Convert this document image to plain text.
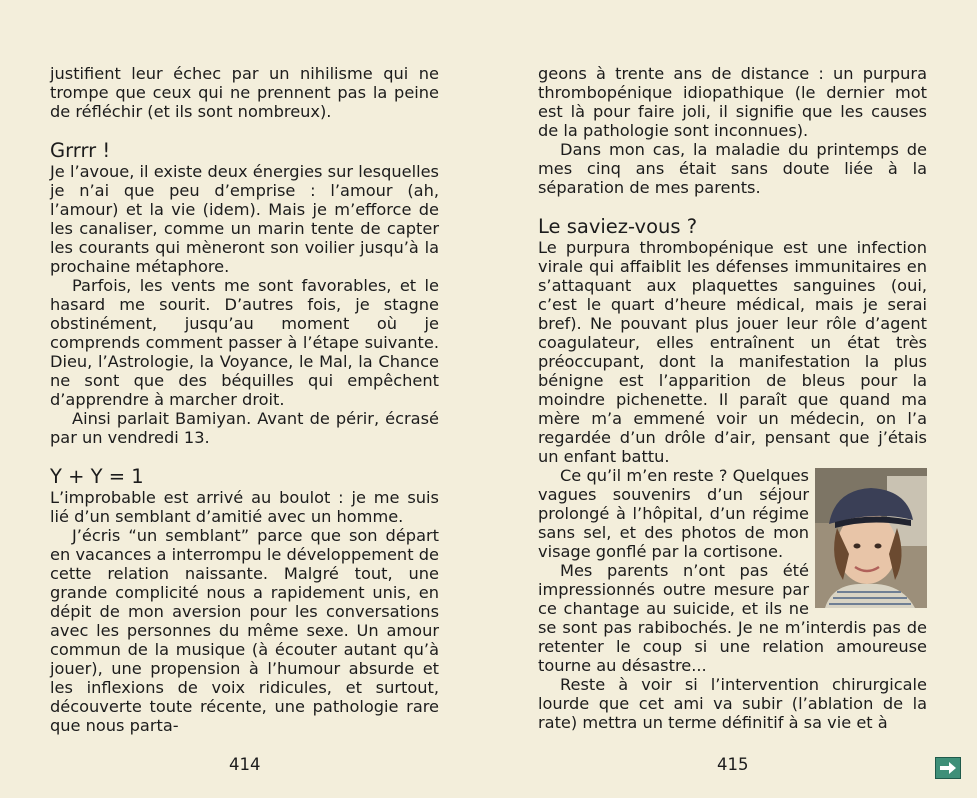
justifient leur échec par un nihilisme qui ne trompe que ceux qui ne prennent pas la peine de réfléchir (et ils sont nombreux).

Grrrr !

Je l’avoue, il existe deux énergies sur lesquelles je n’ai que peu d’emprise : l’amour (ah, l’amour) et la vie (idem). Mais je m’efforce de les canaliser, comme un marin tente de capter les courants qui mèneront son voilier jusqu’à la prochaine métaphore.

Parfois, les vents me sont favorables, et le hasard me sourit. D’autres fois, je stagne obstinément, jusqu’au moment où je comprends comment passer à l’étape suivante. Dieu, l’Astrologie, la Voyance, le Mal, la Chance ne sont que des béquilles qui empêchent d’apprendre à marcher droit.

Ainsi parlait Bamiyan. Avant de périr, écrasé par un vendredi 13.

Y + Y = 1

L’improbable est arrivé au boulot : je me suis lié d’un semblant d’amitié avec un homme.

J’écris “un semblant” parce que son départ en vacances a interrompu le développement de cette relation naissante. Malgré tout, une grande complicité nous a rapidement unis, en dépit de mon aversion pour les conversations avec les personnes du même sexe. Un amour commun de la musique (à écouter autant qu’à jouer), une propension à l’humour absurde et les inflexions de voix ridicules, et surtout, découverte toute récente, une pathologie rare que nous parta-

geons à trente ans de distance : un purpura thrombopénique idiopathique (le dernier mot est là pour faire joli, il signifie que les causes de la pathologie sont inconnues).

Dans mon cas, la maladie du printemps de mes cinq ans était sans doute liée à la séparation de mes parents.

Le saviez-vous ?

Le purpura thrombopénique est une infection virale qui affaiblit les défenses immunitaires en s’attaquant aux plaquettes sanguines (oui, c’est le quart d’heure médical, mais je serai bref). Ne pouvant plus jouer leur rôle d’agent coagulateur, elles entraînent un état très préoccupant, dont la manifestation la plus bénigne est l’apparition de bleus pour la moindre pichenette. Il paraît que quand ma mère m’a emmené voir un médecin, on l’a regardée d’un drôle d’air, pensant que j’étais un enfant battu.

Ce qu’il m’en reste ? Quelques vagues souvenirs d’un séjour prolongé à l’hôpital, d’un régime sans sel, et des photos de mon visage gonflé par la cortisone.

Mes parents n’ont pas été impressionnés outre mesure par ce chantage au suicide, et ils ne se sont pas rabibochés. Je ne m’interdis pas de retenter le coup si une relation amoureuse tourne au désastre...

Reste à voir si l’intervention chirurgicale lourde que cet ami va subir (l’ablation de la rate) mettra un terme définitif à sa vie et à

414	415
